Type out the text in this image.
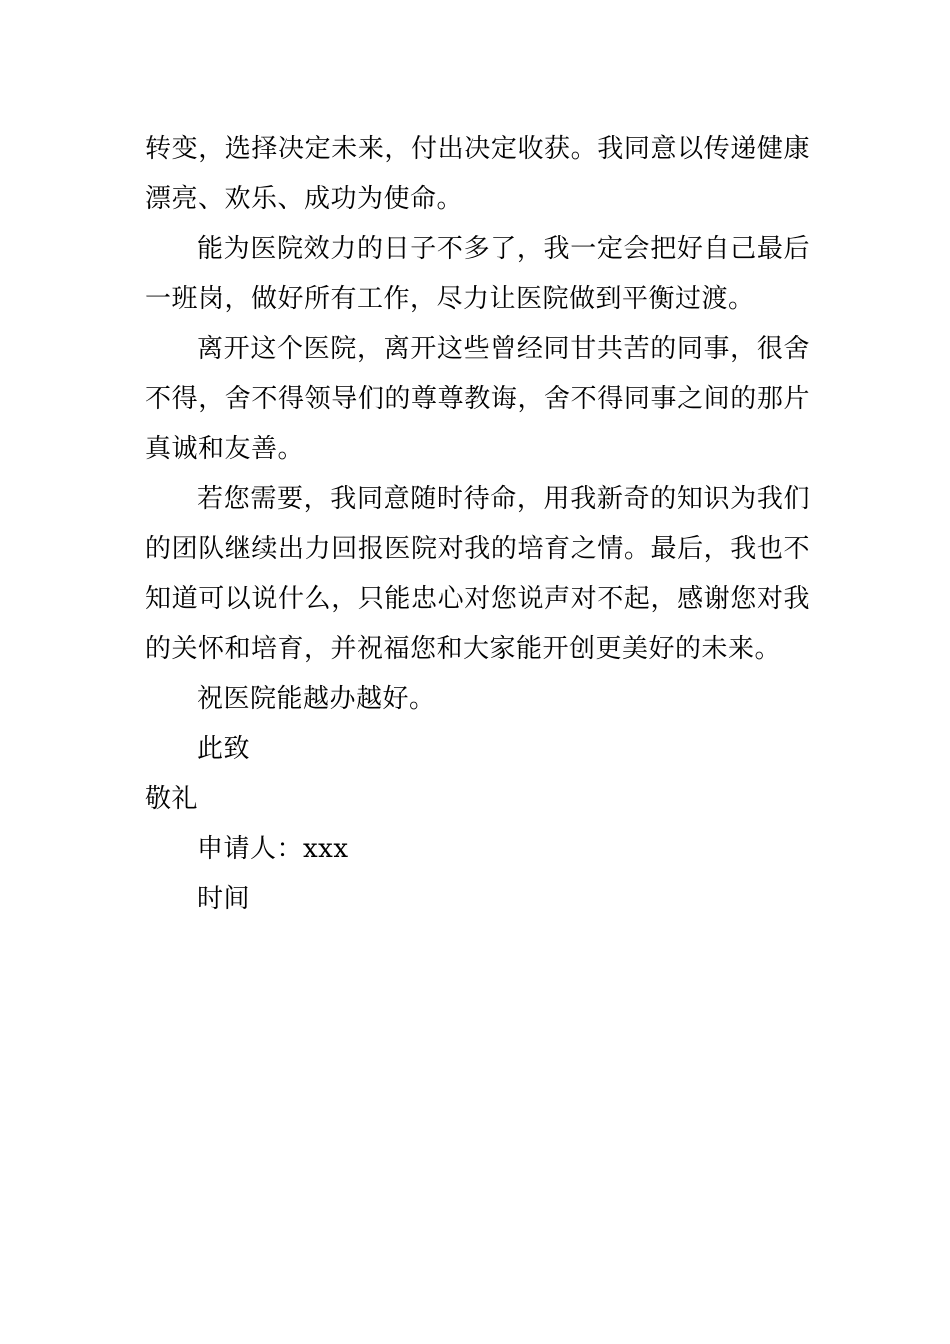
转变，选择决定未来，付出决定收获。我同意以传递健康漂亮、欢乐、成功为使命。

能为医院效力的日子不多了，我一定会把好自己最后一班岗，做好所有工作，尽力让医院做到平衡过渡。

离开这个医院，离开这些曾经同甘共苦的同事，很舍不得，舍不得领导们的尊尊教诲，舍不得同事之间的那片真诚和友善。

若您需要，我同意随时待命，用我新奇的知识为我们的团队继续出力回报医院对我的培育之情。最后，我也不知道可以说什么，只能忠心对您说声对不起，感谢您对我的关怀和培育，并祝福您和大家能开创更美好的未来。

祝医院能越办越好。

此致

敬礼

申请人：xxx

时间
